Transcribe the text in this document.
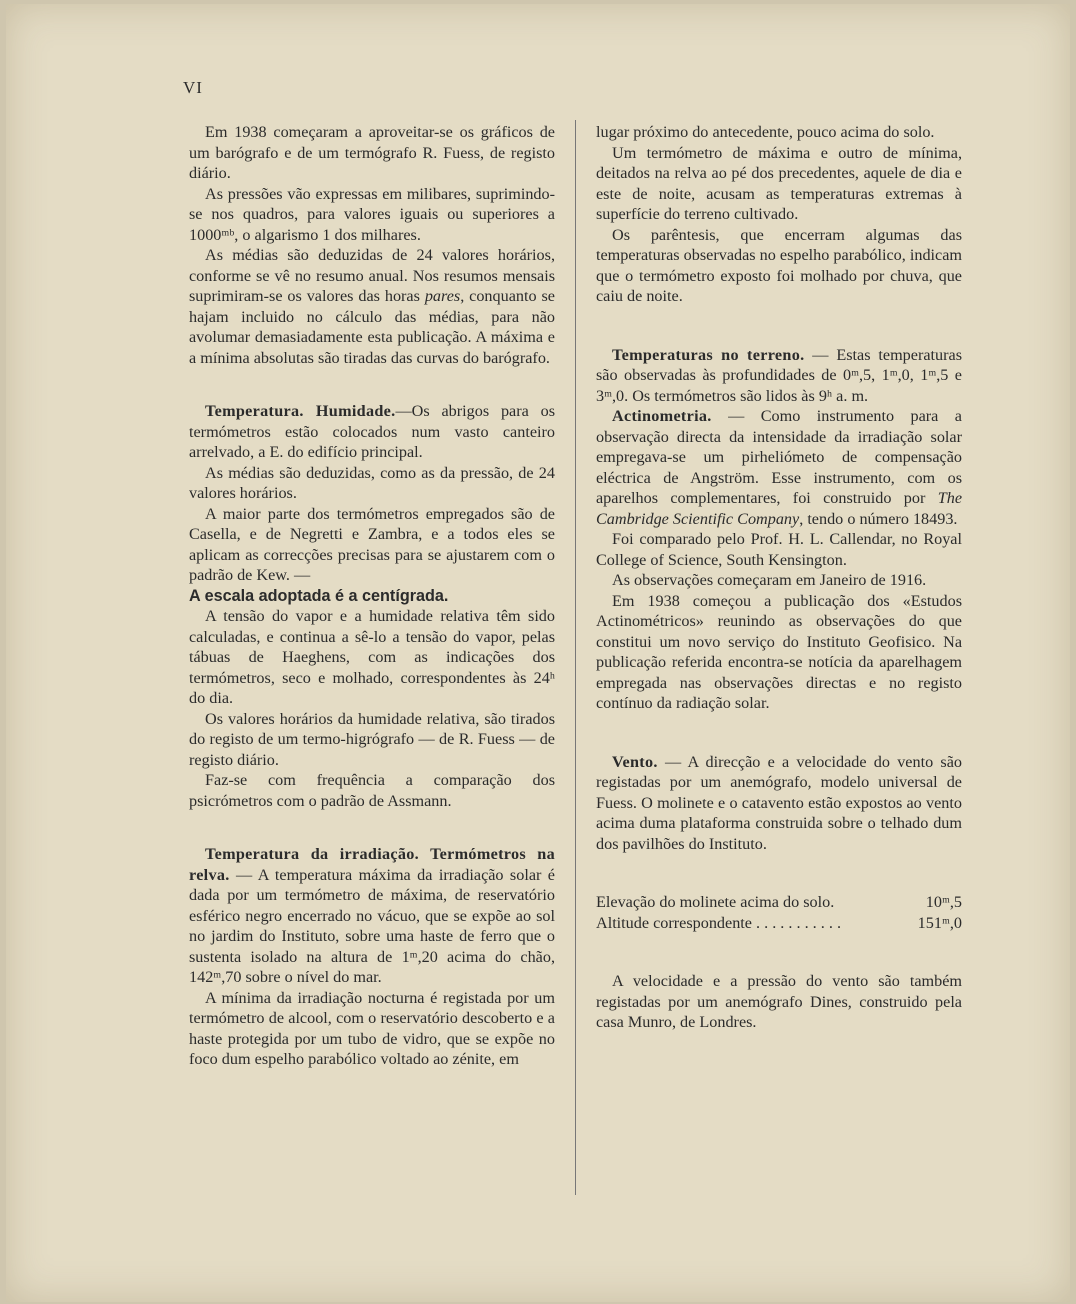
VI

Em 1938 começaram a aproveitar-se os gráficos de um barógrafo e de um termógrafo R. Fuess, de registo diário.

As pressões vão expressas em milibares, suprimindo-se nos quadros, para valores iguais ou superiores a 1000ᵐᵇ, o algarismo 1 dos milhares.

As médias são deduzidas de 24 valores horários, conforme se vê no resumo anual. Nos resumos mensais suprimiram-se os valores das horas pares, conquanto se hajam incluido no cálculo das médias, para não avolumar demasiadamente esta publicação. A máxima e a mínima absolutas são tiradas das curvas do barógrafo.

Temperatura. Humidade.—Os abrigos para os termómetros estão colocados num vasto canteiro arrelvado, a E. do edifício principal.

As médias são deduzidas, como as da pressão, de 24 valores horários.

A maior parte dos termómetros empregados são de Casella, e de Negretti e Zambra, e a todos eles se aplicam as correcções precisas para se ajustarem com o padrão de Kew. —
A escala adoptada é a centígrada.

A tensão do vapor e a humidade relativa têm sido calculadas, e continua a sê-lo a tensão do vapor, pelas tábuas de Haeghens, com as indicações dos termómetros, seco e molhado, correspondentes às 24ʰ do dia.

Os valores horários da humidade relativa, são tirados do registo de um termo-higrógrafo — de R. Fuess — de registo diário.

Faz-se com frequência a comparação dos psicrómetros com o padrão de Assmann.

Temperatura da irradiação. Termómetros na relva. — A temperatura máxima da irradiação solar é dada por um termómetro de máxima, de reservatório esférico negro encerrado no vácuo, que se expõe ao sol no jardim do Instituto, sobre uma haste de ferro que o sustenta isolado na altura de 1ᵐ,20 acima do chão, 142ᵐ,70 sobre o nível do mar.

A mínima da irradiação nocturna é registada por um termómetro de alcool, com o reservatório descoberto e a haste protegida por um tubo de vidro, que se expõe no foco dum espelho parabólico voltado ao zénite, em

lugar próximo do antecedente, pouco acima do solo.

Um termómetro de máxima e outro de mínima, deitados na relva ao pé dos precedentes, aquele de dia e este de noite, acusam as temperaturas extremas à superfície do terreno cultivado.

Os parêntesis, que encerram algumas das temperaturas observadas no espelho parabólico, indicam que o termómetro exposto foi molhado por chuva, que caiu de noite.

Temperaturas no terreno. — Estas temperaturas são observadas às profundidades de 0ᵐ,5, 1ᵐ,0, 1ᵐ,5 e 3ᵐ,0. Os termómetros são lidos às 9ʰ a. m.

Actinometria. — Como instrumento para a observação directa da intensidade da irradiação solar empregava-se um pirheliómeto de compensação eléctrica de Angström. Esse instrumento, com os aparelhos complementares, foi construido por The Cambridge Scientific Company, tendo o número 18493.

Foi comparado pelo Prof. H. L. Callendar, no Royal College of Science, South Kensington.

As observações começaram em Janeiro de 1916.

Em 1938 começou a publicação dos «Estudos Actinométricos» reunindo as observações do que constitui um novo serviço do Instituto Geofisico. Na publicação referida encontra-se notícia da aparelhagem empregada nas observações directas e no registo contínuo da radiação solar.

Vento. — A direcção e a velocidade do vento são registadas por um anemógrafo, modelo universal de Fuess. O molinete e o catavento estão expostos ao vento acima duma plataforma construida sobre o telhado dum dos pavilhões do Instituto.

Elevação do molinete acima do solo.	10ᵐ,5
Altitude correspondente . . . . . . . . . . .	151ᵐ,0

A velocidade e a pressão do vento são também registadas por um anemógrafo Dines, construido pela casa Munro, de Londres.
